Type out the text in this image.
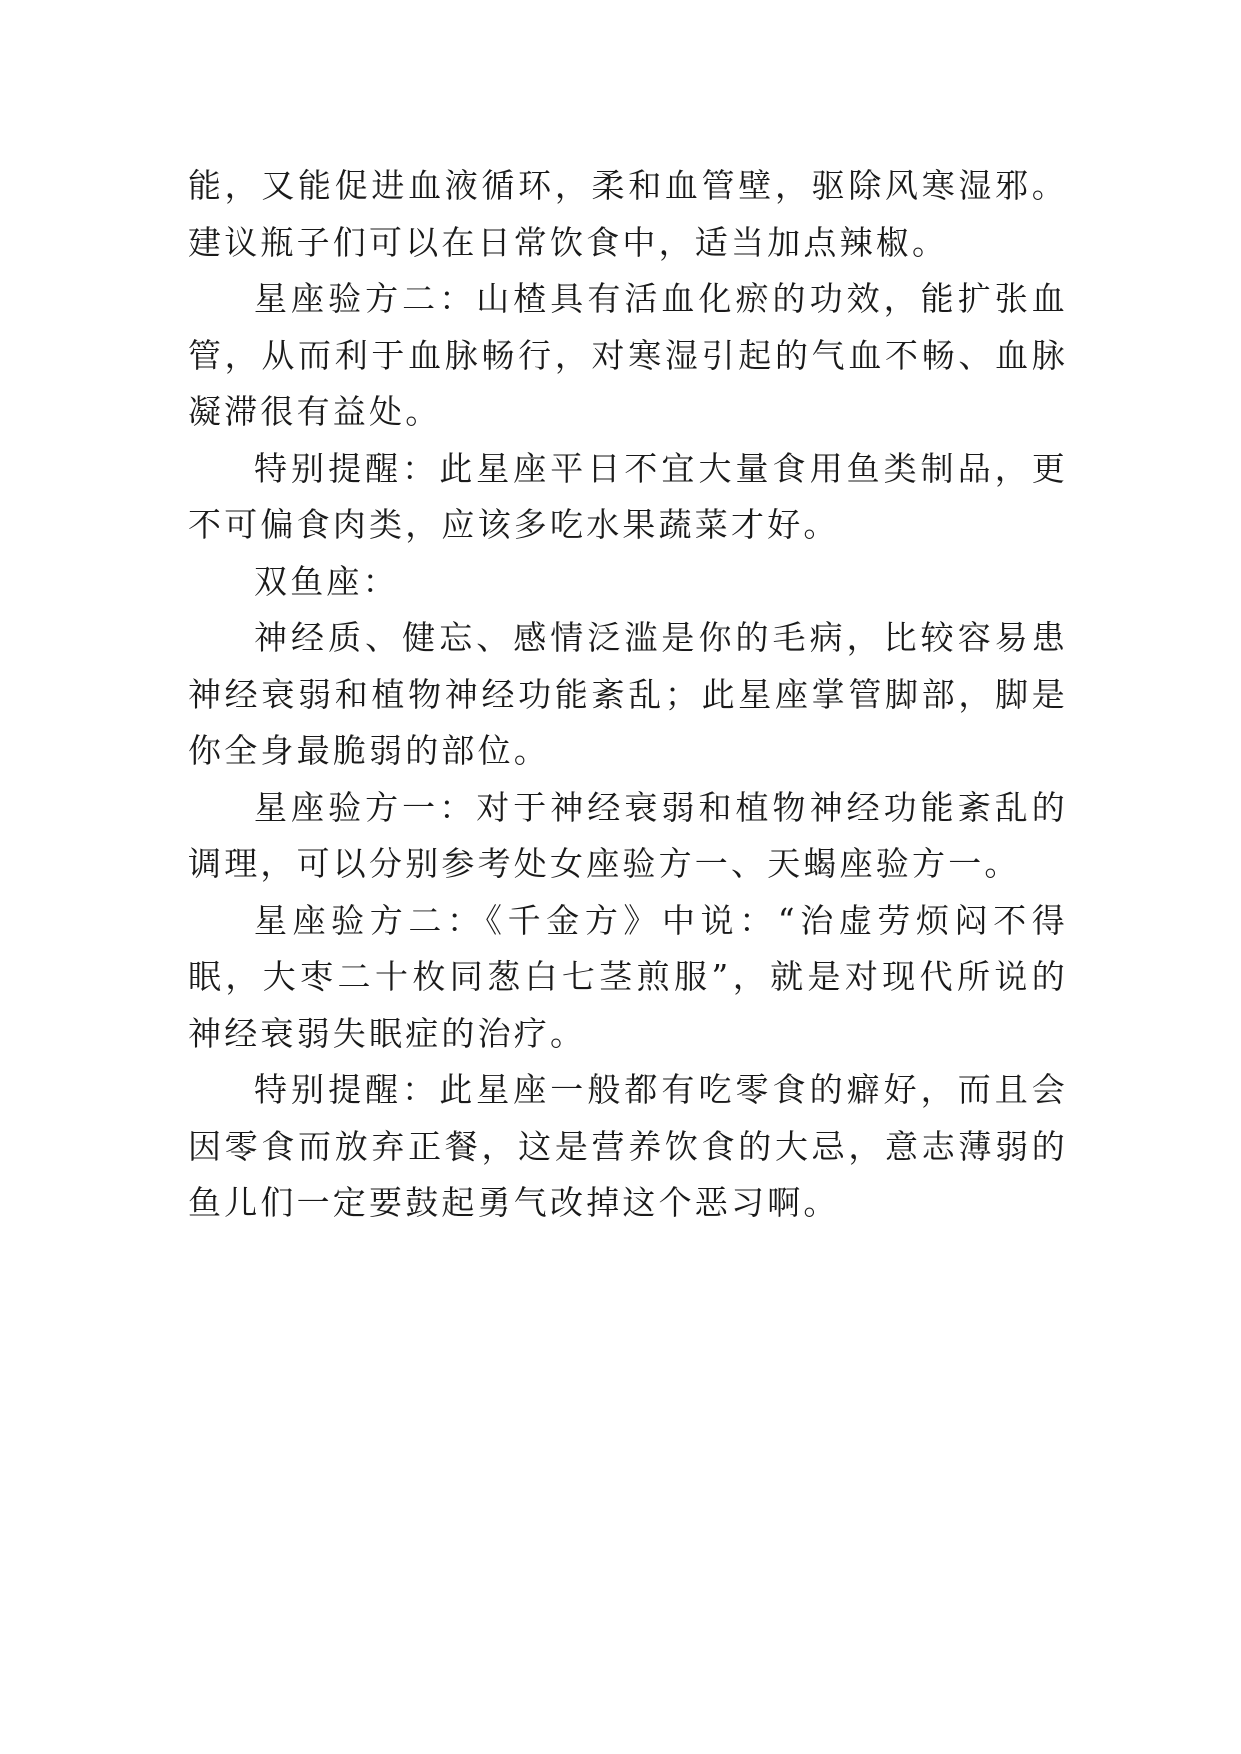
能，又能促进血液循环，柔和血管壁，驱除风寒湿邪。建议瓶子们可以在日常饮食中，适当加点辣椒。

星座验方二：山楂具有活血化瘀的功效，能扩张血管，从而利于血脉畅行，对寒湿引起的气血不畅、血脉凝滞很有益处。

特别提醒：此星座平日不宜大量食用鱼类制品，更不可偏食肉类，应该多吃水果蔬菜才好。

双鱼座：

神经质、健忘、感情泛滥是你的毛病，比较容易患神经衰弱和植物神经功能紊乱；此星座掌管脚部，脚是你全身最脆弱的部位。

星座验方一：对于神经衰弱和植物神经功能紊乱的调理，可以分别参考处女座验方一、天蝎座验方一。

星座验方二：《千金方》中说：“治虚劳烦闷不得眠，大枣二十枚同葱白七茎煎服”，就是对现代所说的神经衰弱失眠症的治疗。

特别提醒：此星座一般都有吃零食的癖好，而且会因零食而放弃正餐，这是营养饮食的大忌，意志薄弱的鱼儿们一定要鼓起勇气改掉这个恶习啊。
